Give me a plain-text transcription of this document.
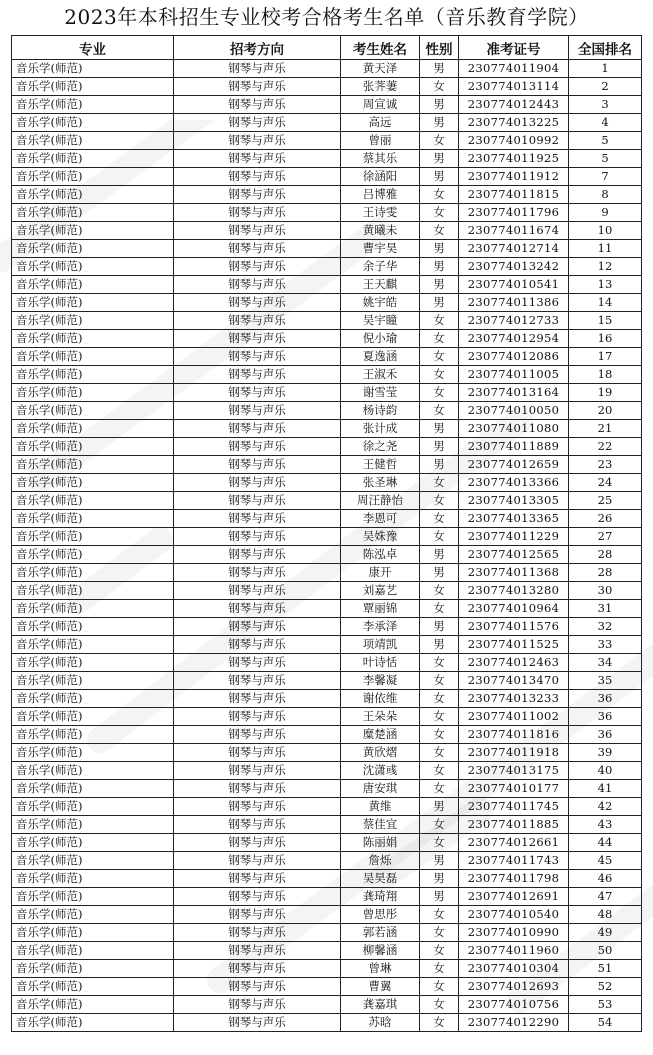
2023年本科招生专业校考合格考生名单（音乐教育学院）
专业	招考方向	考生姓名	性别	准考证号	全国排名
音乐学(师范)	钢琴与声乐	黄天泽	男	230774011904	1
音乐学(师范)	钢琴与声乐	张荠萋	女	230774013114	2
音乐学(师范)	钢琴与声乐	周宣诚	男	230774012443	3
音乐学(师范)	钢琴与声乐	高远	男	230774013225	4
音乐学(师范)	钢琴与声乐	曾丽	女	230774010992	5
音乐学(师范)	钢琴与声乐	蔡其乐	男	230774011925	5
音乐学(师范)	钢琴与声乐	徐涵阳	男	230774011912	7
音乐学(师范)	钢琴与声乐	吕博雅	女	230774011815	8
音乐学(师范)	钢琴与声乐	王诗雯	女	230774011796	9
音乐学(师范)	钢琴与声乐	黄曦未	女	230774011674	10
音乐学(师范)	钢琴与声乐	曹宇昊	男	230774012714	11
音乐学(师范)	钢琴与声乐	余子华	男	230774013242	12
音乐学(师范)	钢琴与声乐	王天麒	男	230774010541	13
音乐学(师范)	钢琴与声乐	姚宇皓	男	230774011386	14
音乐学(师范)	钢琴与声乐	吴宇瞳	女	230774012733	15
音乐学(师范)	钢琴与声乐	倪小瑜	女	230774012954	16
音乐学(师范)	钢琴与声乐	夏逸涵	女	230774012086	17
音乐学(师范)	钢琴与声乐	王淑禾	女	230774011005	18
音乐学(师范)	钢琴与声乐	谢雪莹	女	230774013164	19
音乐学(师范)	钢琴与声乐	杨诗韵	女	230774010050	20
音乐学(师范)	钢琴与声乐	张计成	男	230774011080	21
音乐学(师范)	钢琴与声乐	徐之尧	男	230774011889	22
音乐学(师范)	钢琴与声乐	王健哲	男	230774012659	23
音乐学(师范)	钢琴与声乐	张圣琳	女	230774013366	24
音乐学(师范)	钢琴与声乐	周汪静怡	女	230774013305	25
音乐学(师范)	钢琴与声乐	李恩可	女	230774013365	26
音乐学(师范)	钢琴与声乐	吴姝豫	女	230774011229	27
音乐学(师范)	钢琴与声乐	陈泓卓	男	230774012565	28
音乐学(师范)	钢琴与声乐	康开	男	230774011368	28
音乐学(师范)	钢琴与声乐	刘嘉艺	女	230774013280	30
音乐学(师范)	钢琴与声乐	覃丽锦	女	230774010964	31
音乐学(师范)	钢琴与声乐	李承泽	男	230774011576	32
音乐学(师范)	钢琴与声乐	项靖凯	男	230774011525	33
音乐学(师范)	钢琴与声乐	叶诗恬	女	230774012463	34
音乐学(师范)	钢琴与声乐	李馨凝	女	230774013470	35
音乐学(师范)	钢琴与声乐	谢依维	女	230774013233	36
音乐学(师范)	钢琴与声乐	王朵朵	女	230774011002	36
音乐学(师范)	钢琴与声乐	糜楚涵	女	230774011816	36
音乐学(师范)	钢琴与声乐	黄欣熠	女	230774011918	39
音乐学(师范)	钢琴与声乐	沈潇彧	女	230774013175	40
音乐学(师范)	钢琴与声乐	唐安琪	女	230774010177	41
音乐学(师范)	钢琴与声乐	黄维	男	230774011745	42
音乐学(师范)	钢琴与声乐	蔡佳宜	女	230774011885	43
音乐学(师范)	钢琴与声乐	陈丽娟	女	230774012661	44
音乐学(师范)	钢琴与声乐	詹烁	男	230774011743	45
音乐学(师范)	钢琴与声乐	吴昊磊	男	230774011798	46
音乐学(师范)	钢琴与声乐	龚琦翔	男	230774012691	47
音乐学(师范)	钢琴与声乐	曾思彤	女	230774010540	48
音乐学(师范)	钢琴与声乐	郭若涵	女	230774010990	49
音乐学(师范)	钢琴与声乐	柳馨涵	女	230774011960	50
音乐学(师范)	钢琴与声乐	曾琳	女	230774010304	51
音乐学(师范)	钢琴与声乐	曹翼	女	230774012693	52
音乐学(师范)	钢琴与声乐	龚嘉琪	女	230774010756	53
音乐学(师范)	钢琴与声乐	苏晗	女	230774012290	54
